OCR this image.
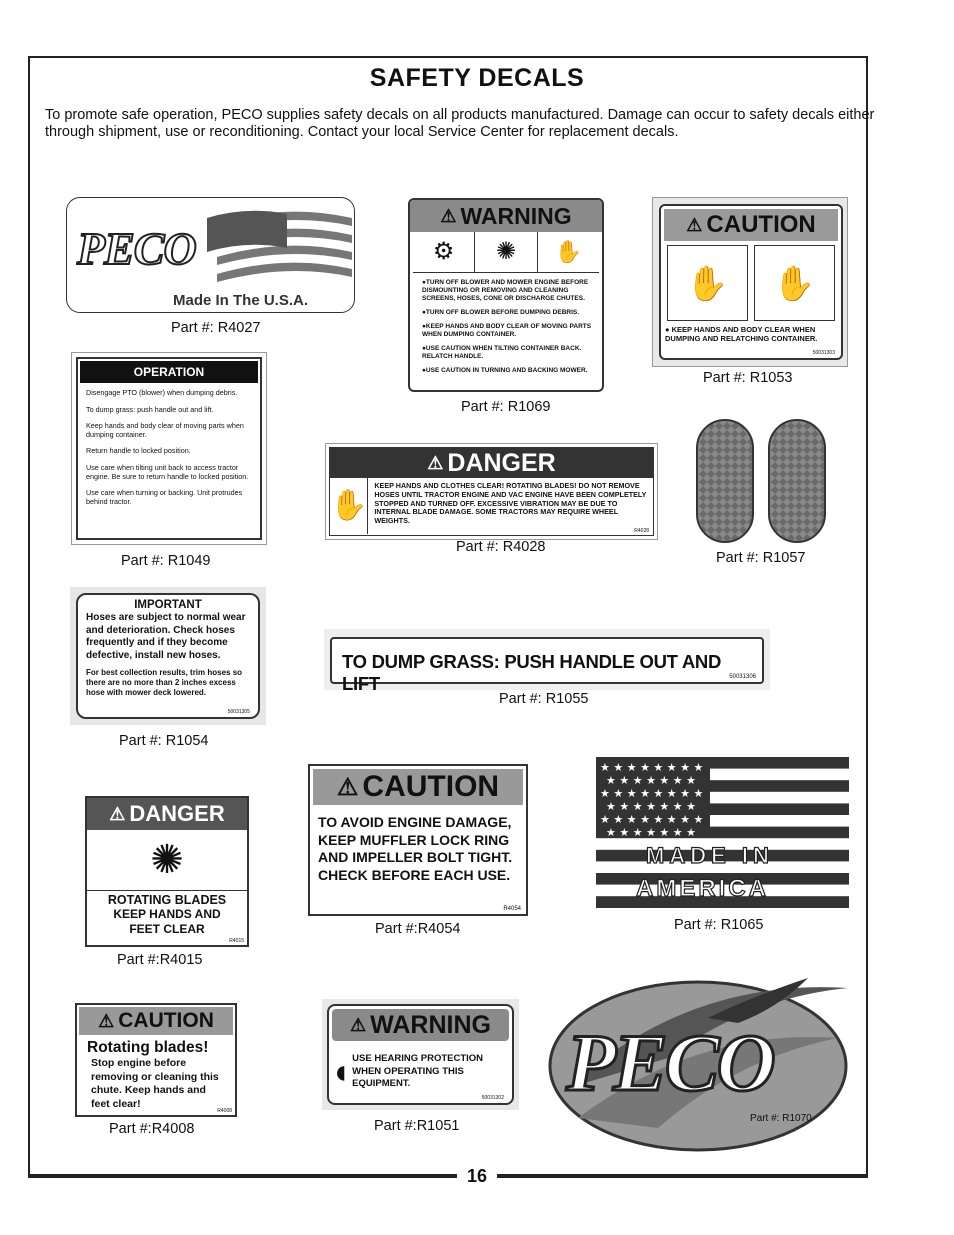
SAFETY DECALS
To promote safe operation, PECO supplies safety decals on all products manufactured. Damage can occur to safety decals either through shipment, use or reconditioning. Contact your local Service Center for replacement decals.
PECO
Made In The U.S.A.
Part #: R4027
⚠ WARNING
⚙	✺	✋
●TURN OFF BLOWER AND MOWER ENGINE BEFORE DISMOUNTING OR REMOVING AND CLEANING SCREENS, HOSES, CONE OR DISCHARGE CHUTES.
●TURN OFF BLOWER BEFORE DUMPING DEBRIS.
●KEEP HANDS AND BODY CLEAR OF MOVING PARTS WHEN DUMPING CONTAINER.
●USE CAUTION WHEN TILTING CONTAINER BACK. RELATCH HANDLE.
●USE CAUTION IN TURNING AND BACKING MOWER.
Part #: R1069
⚠ CAUTION
✋	✋
● KEEP HANDS AND BODY CLEAR WHEN DUMPING AND RELATCHING CONTAINER.
50031303
Part #: R1053
OPERATION
Disengage PTO (blower) when dumping debris.
To dump grass: push handle out and lift.
Keep hands and body clear of moving parts when dumping container.
Return handle to locked position.
Use care when tilting unit back to access tractor engine. Be sure to return handle to locked position.
Use care when turning or backing. Unit protrudes behind tractor.
Part #: R1049
⚠ DANGER
✋
KEEP HANDS AND CLOTHES CLEAR! ROTATING BLADES! DO NOT REMOVE HOSES UNTIL TRACTOR ENGINE AND VAC ENGINE HAVE BEEN COMPLETELY STOPPED AND TURNED OFF. EXCESSIVE VIBRATION MAY BE DUE TO INTERNAL BLADE DAMAGE. SOME TRACTORS MAY REQUIRE WHEEL WEIGHTS.
R4028
Part #: R4028
Part #: R1057
IMPORTANT
Hoses are subject to normal wear and deterioration. Check hoses frequently and if they become defective, install new hoses.
For best collection results, trim hoses so there are no more than 2 inches excess hose with mower deck lowered.
50031305
Part #: R1054
TO DUMP GRASS: PUSH HANDLE OUT AND LIFT	50031306
Part #: R1055
⚠ DANGER
✺
ROTATING BLADES
KEEP HANDS AND FEET CLEAR
R4015
Part #:R4015
⚠ CAUTION
TO AVOID ENGINE DAMAGE, KEEP MUFFLER LOCK RING AND IMPELLER BOLT TIGHT. CHECK BEFORE EACH USE.
R4054
Part #:R4054
★ ★ ★ ★ ★ ★ ★ ★
★ ★ ★ ★ ★ ★ ★
★ ★ ★ ★ ★ ★ ★ ★
★ ★ ★ ★ ★ ★ ★
★ ★ ★ ★ ★ ★ ★ ★
★ ★ ★ ★ ★ ★ ★
MADE IN
AMERICA
Part #: R1065
⚠ CAUTION
Rotating blades!
Stop engine before removing or cleaning this chute. Keep hands and feet clear!
R4008
Part #:R4008
⚠ WARNING
◖ USE HEARING PROTECTION WHEN OPERATING THIS EQUIPMENT.
50031302
Part #:R1051
PECO
Part #: R1070
16
